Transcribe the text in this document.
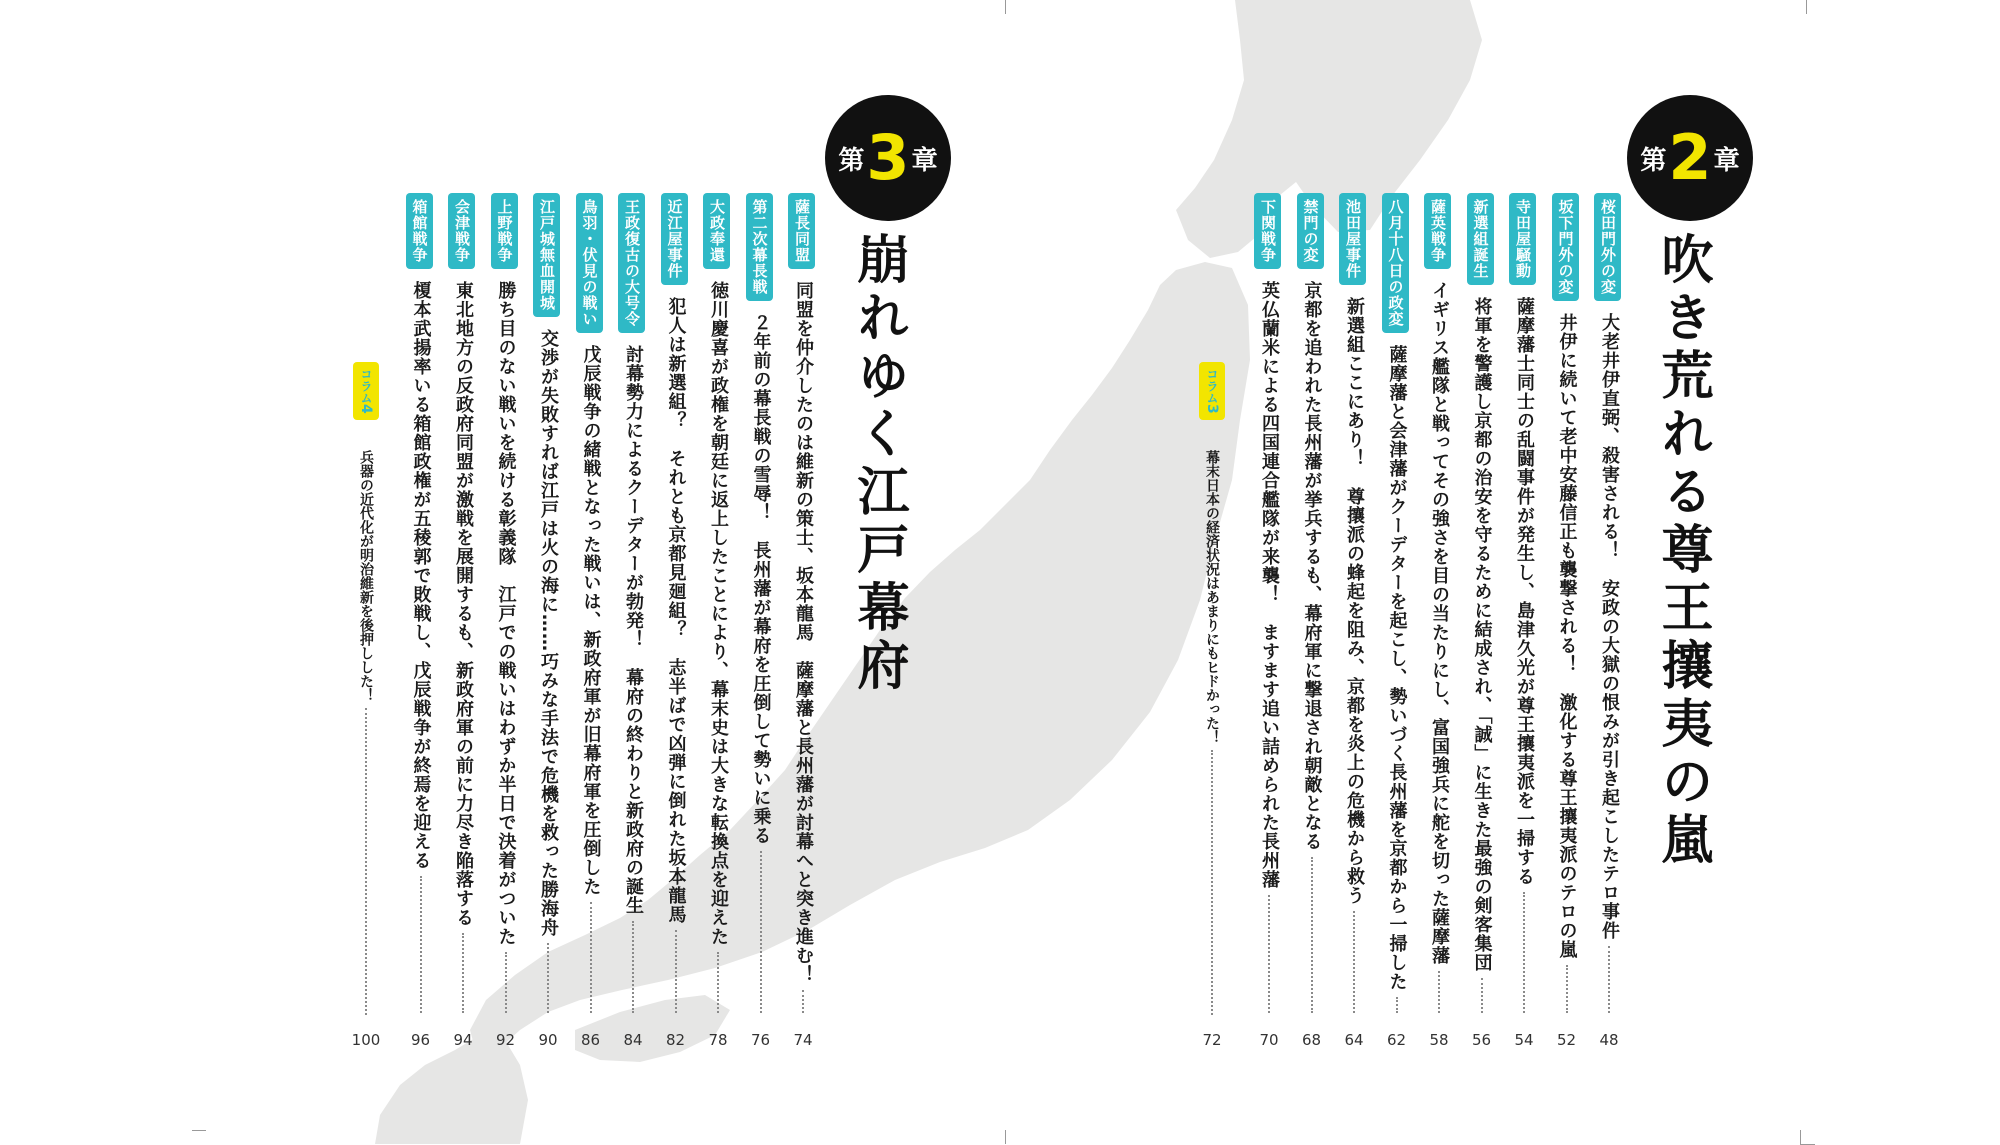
第 2 章
吹き荒れる尊王攘夷の嵐
48
桜田門外の変
大老井伊直弼、殺害される！　安政の大獄の恨みが引き起こしたテロ事件
52
坂下門外の変
井伊に続いて老中安藤信正も襲撃される！　激化する尊王攘夷派のテロの嵐
54
寺田屋騒動
薩摩藩士同士の乱闘事件が発生し、島津久光が尊王攘夷派を一掃する
56
新選組誕生
将軍を警護し京都の治安を守るために結成され、「誠」に生きた最強の剣客集団
58
薩英戦争
イギリス艦隊と戦ってその強さを目の当たりにし、富国強兵に舵を切った薩摩藩
62
八月十八日の政変
薩摩藩と会津藩がクーデターを起こし、勢いづく長州藩を京都から一掃した
64
池田屋事件
新選組ここにあり！　尊攘派の蜂起を阻み、京都を炎上の危機から救う
68
禁門の変
京都を追われた長州藩が挙兵するも、幕府軍に撃退され朝敵となる
70
下関戦争
英仏蘭米による四国連合艦隊が来襲！　ますます追い詰められた長州藩
コラム3
幕末日本の経済状況はあまりにもヒドかった！
72
第 3 章
崩れゆく江戸幕府
74
薩長同盟
同盟を仲介したのは維新の策士、坂本龍馬　薩摩藩と長州藩が討幕へと突き進む！
76
第二次幕長戦
２年前の幕長戦の雪辱！　長州藩が幕府を圧倒して勢いに乗る
78
大政奉還
徳川慶喜が政権を朝廷に返上したことにより、幕末史は大きな転換点を迎えた
82
近江屋事件
犯人は新選組？　それとも京都見廻組？　志半ばで凶弾に倒れた坂本龍馬
84
王政復古の大号令
討幕勢力によるクーデターが勃発！　幕府の終わりと新政府の誕生
86
鳥羽・伏見の戦い
戊辰戦争の緒戦となった戦いは、新政府軍が旧幕府軍を圧倒した
90
江戸城無血開城
交渉が失敗すれば江戸は火の海に……巧みな手法で危機を救った勝海舟
92
上野戦争
勝ち目のない戦いを続ける彰義隊　江戸での戦いはわずか半日で決着がついた
94
会津戦争
東北地方の反政府同盟が激戦を展開するも、新政府軍の前に力尽き陥落する
96
箱館戦争
榎本武揚率いる箱館政権が五稜郭で敗戦し、戊辰戦争が終焉を迎える
コラム4
兵器の近代化が明治維新を後押しした！
100
